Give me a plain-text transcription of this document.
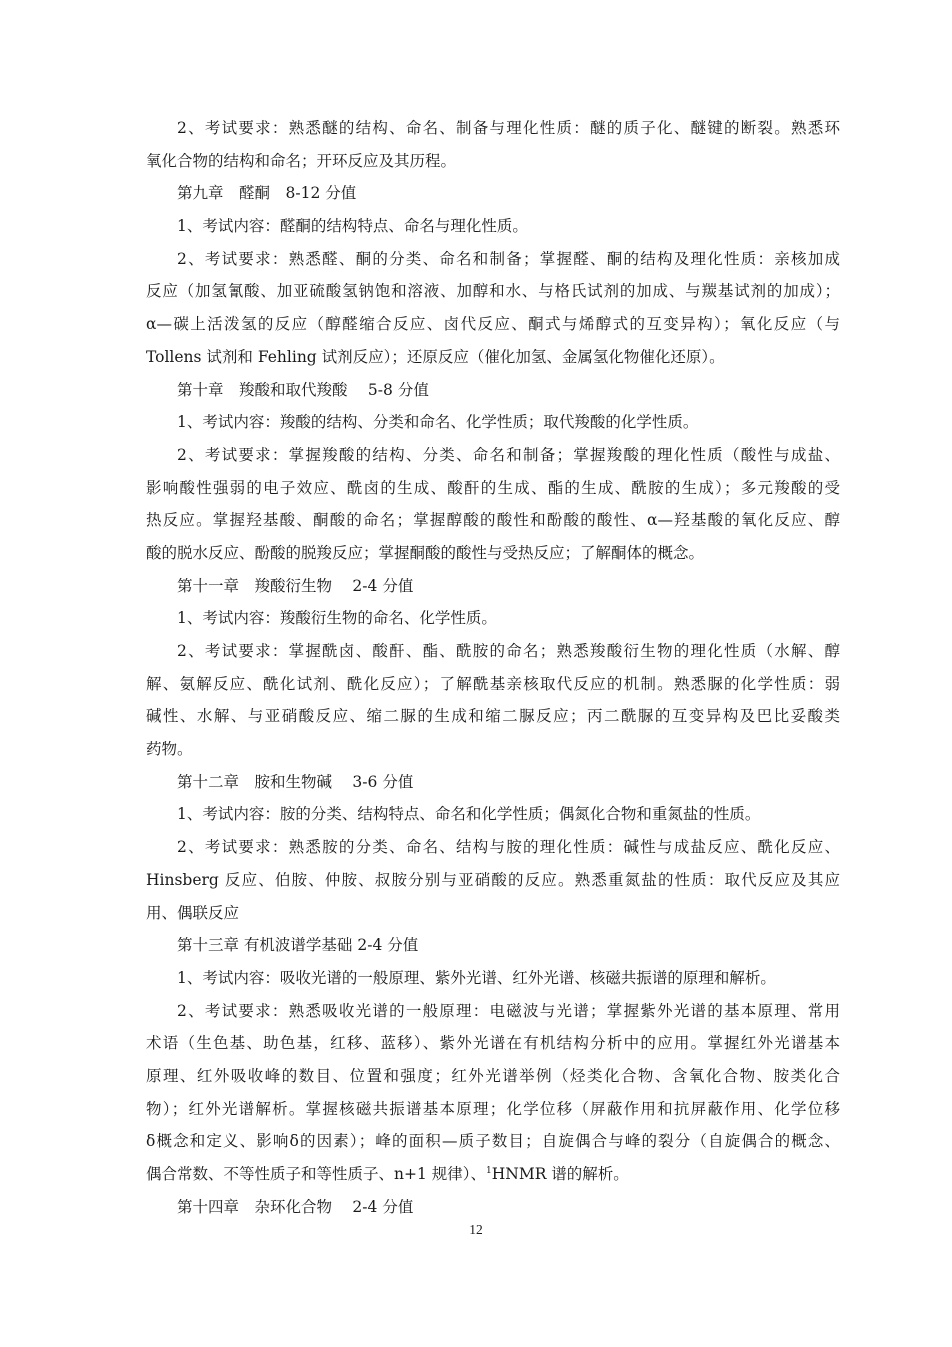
2、考试要求：熟悉醚的结构、命名、制备与理化性质：醚的质子化、醚键的断裂。熟悉环
氧化合物的结构和命名；开环反应及其历程。
第九章　醛酮　8-12 分值
1、考试内容：醛酮的结构特点、命名与理化性质。
2、考试要求：熟悉醛、酮的分类、命名和制备；掌握醛、酮的结构及理化性质：亲核加成
反应（加氢氰酸、加亚硫酸氢钠饱和溶液、加醇和水、与格氏试剂的加成、与羰基试剂的加成）；
α—碳上活泼氢的反应（醇醛缩合反应、卤代反应、酮式与烯醇式的互变异构）；氧化反应（与
Tollens 试剂和 Fehling 试剂反应）；还原反应（催化加氢、金属氢化物催化还原）。
第十章　羧酸和取代羧酸　 5-8 分值
1、考试内容：羧酸的结构、分类和命名、化学性质；取代羧酸的化学性质。
2、考试要求：掌握羧酸的结构、分类、命名和制备；掌握羧酸的理化性质（酸性与成盐、
影响酸性强弱的电子效应、酰卤的生成、酸酐的生成、酯的生成、酰胺的生成）；多元羧酸的受
热反应。掌握羟基酸、酮酸的命名；掌握醇酸的酸性和酚酸的酸性、α—羟基酸的氧化反应、醇
酸的脱水反应、酚酸的脱羧反应；掌握酮酸的酸性与受热反应；了解酮体的概念。
第十一章　羧酸衍生物　 2-4 分值
1、考试内容：羧酸衍生物的命名、化学性质。
2、考试要求：掌握酰卤、酸酐、酯、酰胺的命名；熟悉羧酸衍生物的理化性质（水解、醇
解、氨解反应、酰化试剂、酰化反应）；了解酰基亲核取代反应的机制。熟悉脲的化学性质：弱
碱性、水解、与亚硝酸反应、缩二脲的生成和缩二脲反应；丙二酰脲的互变异构及巴比妥酸类
药物。
第十二章　胺和生物碱　 3-6 分值
1、考试内容：胺的分类、结构特点、命名和化学性质；偶氮化合物和重氮盐的性质。
2、考试要求：熟悉胺的分类、命名、结构与胺的理化性质：碱性与成盐反应、酰化反应、
Hinsberg 反应、伯胺、仲胺、叔胺分别与亚硝酸的反应。熟悉重氮盐的性质：取代反应及其应
用、偶联反应
第十三章 有机波谱学基础 2-4 分值
1、考试内容：吸收光谱的一般原理、紫外光谱、红外光谱、核磁共振谱的原理和解析。
2、考试要求：熟悉吸收光谱的一般原理：电磁波与光谱；掌握紫外光谱的基本原理、常用
术语（生色基、助色基，红移、蓝移）、紫外光谱在有机结构分析中的应用。掌握红外光谱基本
原理、红外吸收峰的数目、位置和强度；红外光谱举例（烃类化合物、含氧化合物、胺类化合
物）；红外光谱解析。掌握核磁共振谱基本原理；化学位移（屏蔽作用和抗屏蔽作用、化学位移
δ概念和定义、影响δ的因素）；峰的面积—质子数目；自旋偶合与峰的裂分（自旋偶合的概念、
偶合常数、不等性质子和等性质子、n+1 规律）、$^1$HNMR 谱的解析。
第十四章　杂环化合物　 2-4 分值
12
